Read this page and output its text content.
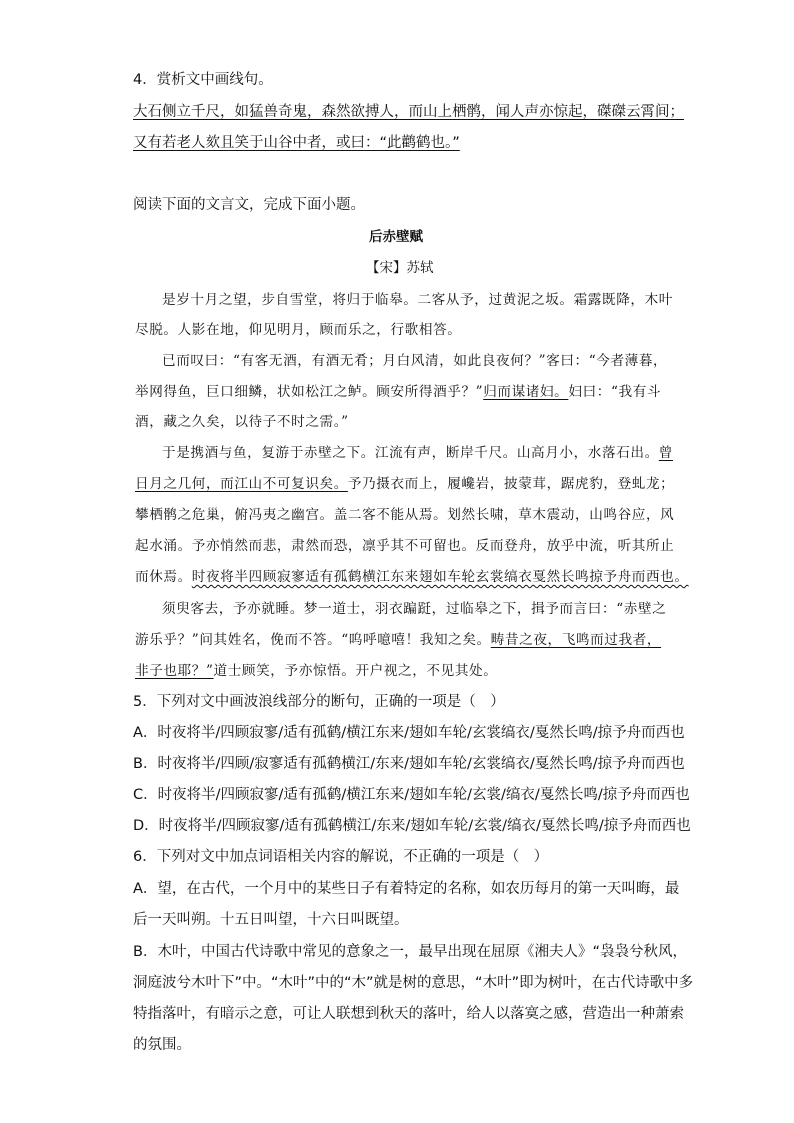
4．赏析文中画线句。
大石侧立千尺，如猛兽奇鬼，森然欲搏人，而山上栖鹘，闻人声亦惊起，磔磔云霄间；
又有若老人欬且笑于山谷中者，或曰：“此鹳鹤也。”
阅读下面的文言文，完成下面小题。
后赤壁赋
【宋】苏轼
是岁十月之望，步自雪堂，将归于临皋。二客从予，过黄泥之坂。霜露既降，木叶
尽脱。人影在地，仰见明月，顾而乐之，行歌相答。
已而叹曰：“有客无酒，有酒无肴；月白风清，如此良夜何？”客曰：“今者薄暮，
举网得鱼，巨口细鳞，状如松江之鲈。顾安所得酒乎？”归而谋诸妇。妇曰：“我有斗
酒，藏之久矣，以待子不时之需。”
于是携酒与鱼，复游于赤壁之下。江流有声，断岸千尺。山高月小，水落石出。曾
日月之几何，而江山不可复识矣。予乃摄衣而上，履巉岩，披蒙茸，踞虎豹，登虬龙；
攀栖鹘之危巢，俯冯夷之幽宫。盖二客不能从焉。划然长啸，草木震动，山鸣谷应，风
起水涌。予亦悄然而悲，肃然而恐，凛乎其不可留也。反而登舟，放乎中流，听其所止
而休焉。时夜将半四顾寂寥适有孤鹤横江东来翅如车轮玄裳缟衣戛然长鸣掠予舟而西也。
须臾客去，予亦就睡。梦一道士，羽衣蹁跹，过临皋之下，揖予而言曰：“赤壁之
游乐乎？”问其姓名，俛而不答。“呜呼噫嘻！我知之矣。畴昔之夜，飞鸣而过我者，
非子也耶？”道士顾笑，予亦惊悟。开户视之，不见其处。
5．下列对文中画波浪线部分的断句，正确的一项是（　）
A．时夜将半/四顾寂寥/适有孤鹤/横江东来/翅如车轮/玄裳缟衣/戛然长鸣/掠予舟而西也
B．时夜将半/四顾/寂寥适有孤鹤横江/东来/翅如车轮/玄裳缟衣/戛然长鸣/掠予舟而西也
C．时夜将半/四顾寂寥/适有孤鹤/横江东来/翅如车轮/玄裳/缟衣/戛然长鸣/掠予舟而西也
D．时夜将半/四顾寂寥/适有孤鹤横江/东来/翅如车轮/玄裳/缟衣/戛然长鸣/掠予舟而西也
6．下列对文中加点词语相关内容的解说，不正确的一项是（　）
A．望，在古代，一个月中的某些日子有着特定的名称，如农历每月的第一天叫晦，最
后一天叫朔。十五日叫望，十六日叫既望。
B．木叶，中国古代诗歌中常见的意象之一，最早出现在屈原《湘夫人》“袅袅兮秋风，
洞庭波兮木叶下”中。“木叶”中的“木”就是树的意思，“木叶”即为树叶，在古代诗歌中多
特指落叶，有暗示之意，可让人联想到秋天的落叶，给人以落寞之感，营造出一种萧索
的氛围。
